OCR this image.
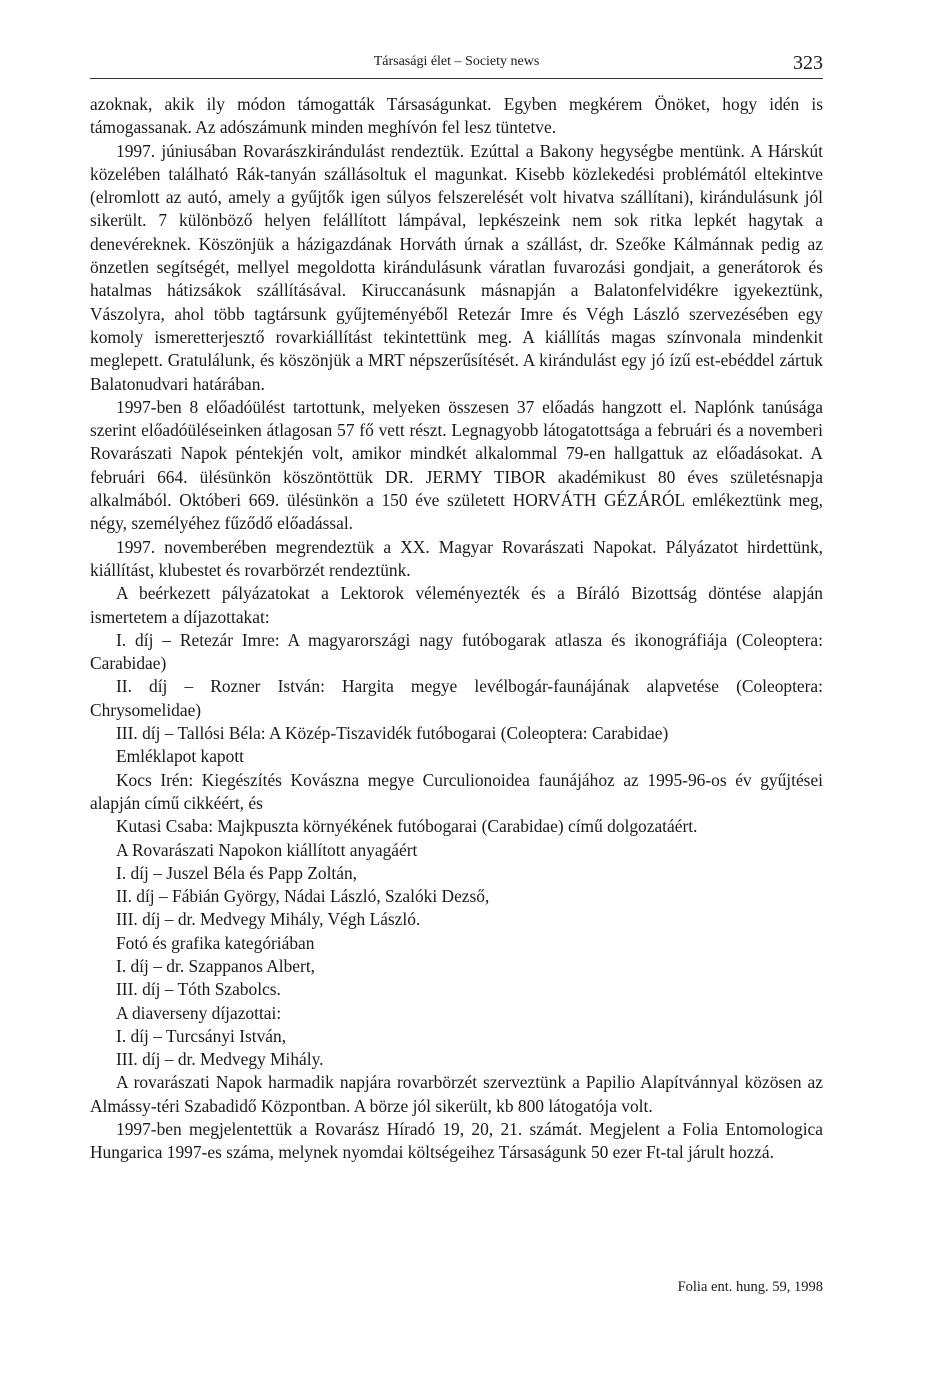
Társasági élet – Society news	323

azoknak, akik ily módon támogatták Társaságunkat. Egyben megkérem Önöket, hogy idén is támogassanak. Az adószámunk minden meghívón fel lesz tüntetve.

1997. júniusában Rovarászkirándulást rendeztük. Ezúttal a Bakony hegységbe mentünk. A Hárskút közelében található Rák-tanyán szállásoltuk el magunkat. Kisebb közlekedési problémától eltekintve (elromlott az autó, amely a gyűjtők igen súlyos felszerelését volt hivatva szállítani), kirándulásunk jól sikerült. 7 különböző helyen felállított lámpával, lepkészeink nem sok ritka lepkét hagytak a denevéreknek. Köszönjük a házigazdának Horváth úrnak a szállást, dr. Szeőke Kálmánnak pedig az önzetlen segítségét, mellyel megoldotta kirándulásunk váratlan fuvarozási gondjait, a generátorok és hatalmas hátizsákok szállításával. Kiruccanásunk másnapján a Balatonfelvidékre igyekeztünk, Vászolyra, ahol több tagtársunk gyűjteményéből Retezár Imre és Végh László szervezésében egy komoly ismeretterjesztő rovarkiállítást tekintettünk meg. A kiállítás magas színvonala mindenkit meglepett. Gratulálunk, és köszönjük a MRT népszerűsítését. A kirándulást egy jó ízű est-ebéddel zártuk Balatonudvari határában.

1997-ben 8 előadóülést tartottunk, melyeken összesen 37 előadás hangzott el. Naplónk tanúsága szerint előadóüléseinken átlagosan 57 fő vett részt. Legnagyobb látogatottsága a februári és a novemberi Rovarászati Napok péntekjén volt, amikor mindkét alkalommal 79-en hallgattuk az előadásokat. A februári 664. ülésünkön köszöntöttük DR. JERMY TIBOR akadémikust 80 éves születésnapja alkalmából. Októberi 669. ülésünkön a 150 éve született HORVÁTH GÉZÁRÓL emlékeztünk meg, négy, személyéhez fűződő előadással.

1997. novemberében megrendeztük a XX. Magyar Rovarászati Napokat. Pályázatot hirdettünk, kiállítást, klubestet és rovarbörzét rendeztünk.

A beérkezett pályázatokat a Lektorok véleményezték és a Bíráló Bizottság döntése alapján ismertetem a díjazottakat:

I. díj – Retezár Imre: A magyarországi nagy futóbogarak atlasza és ikonográfiája (Coleoptera: Carabidae)

II. díj – Rozner István: Hargita megye levélbogár-faunájának alapvetése (Coleoptera: Chrysomelidae)

III. díj – Tallósi Béla: A Közép-Tiszavidék futóbogarai (Coleoptera: Carabidae)

Emléklapot kapott

Kocs Irén: Kiegészítés Kovászna megye Curculionoidea faunájához az 1995-96-os év gyűjtései alapján című cikkéért, és

Kutasi Csaba: Majkpuszta környékének futóbogarai (Carabidae) című dolgozatáért.

A Rovarászati Napokon kiállított anyagáért

I. díj – Juszel Béla és Papp Zoltán,

II. díj – Fábián György, Nádai László, Szalóki Dezső,

III. díj – dr. Medvegy Mihály, Végh László.

Fotó és grafika kategóriában

I. díj – dr. Szappanos Albert,

III. díj – Tóth Szabolcs.

A diaverseny díjazottai:

I. díj – Turcsányi István,

III. díj – dr. Medvegy Mihály.

A rovarászati Napok harmadik napjára rovarbörzét szerveztünk a Papilio Alapítvánnyal közösen az Almássy-téri Szabadidő Központban. A börze jól sikerült, kb 800 látogatója volt.

1997-ben megjelentettük a Rovarász Híradó 19, 20, 21. számát. Megjelent a Folia Entomologica Hungarica 1997-es száma, melynek nyomdai költségeihez Társaságunk 50 ezer Ft-tal járult hozzá.

Folia ent. hung. 59, 1998
